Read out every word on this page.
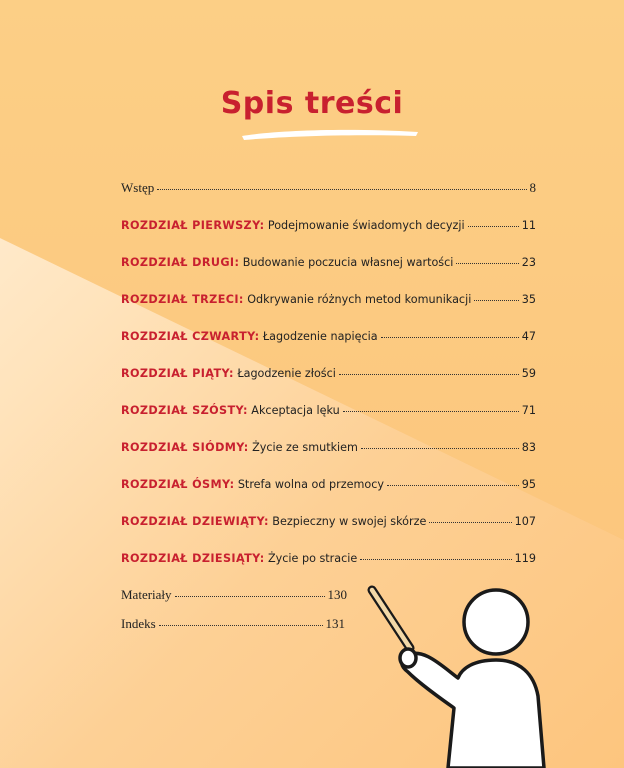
Spis treści
Wstęp	8
ROZDZIAŁ PIERWSZY: Podejmowanie świadomych decyzji	11
ROZDZIAŁ DRUGI: Budowanie poczucia własnej wartości	23
ROZDZIAŁ TRZECI: Odkrywanie różnych metod komunikacji	35
ROZDZIAŁ CZWARTY: Łagodzenie napięcia	47
ROZDZIAŁ PIĄTY: Łagodzenie złości	59
ROZDZIAŁ SZÓSTY: Akceptacja lęku	71
ROZDZIAŁ SIÓDMY: Życie ze smutkiem	83
ROZDZIAŁ ÓSMY: Strefa wolna od przemocy	95
ROZDZIAŁ DZIEWIĄTY: Bezpieczny w swojej skórze	107
ROZDZIAŁ DZIESIĄTY: Życie po stracie	119
Materiały	130
Indeks	131
